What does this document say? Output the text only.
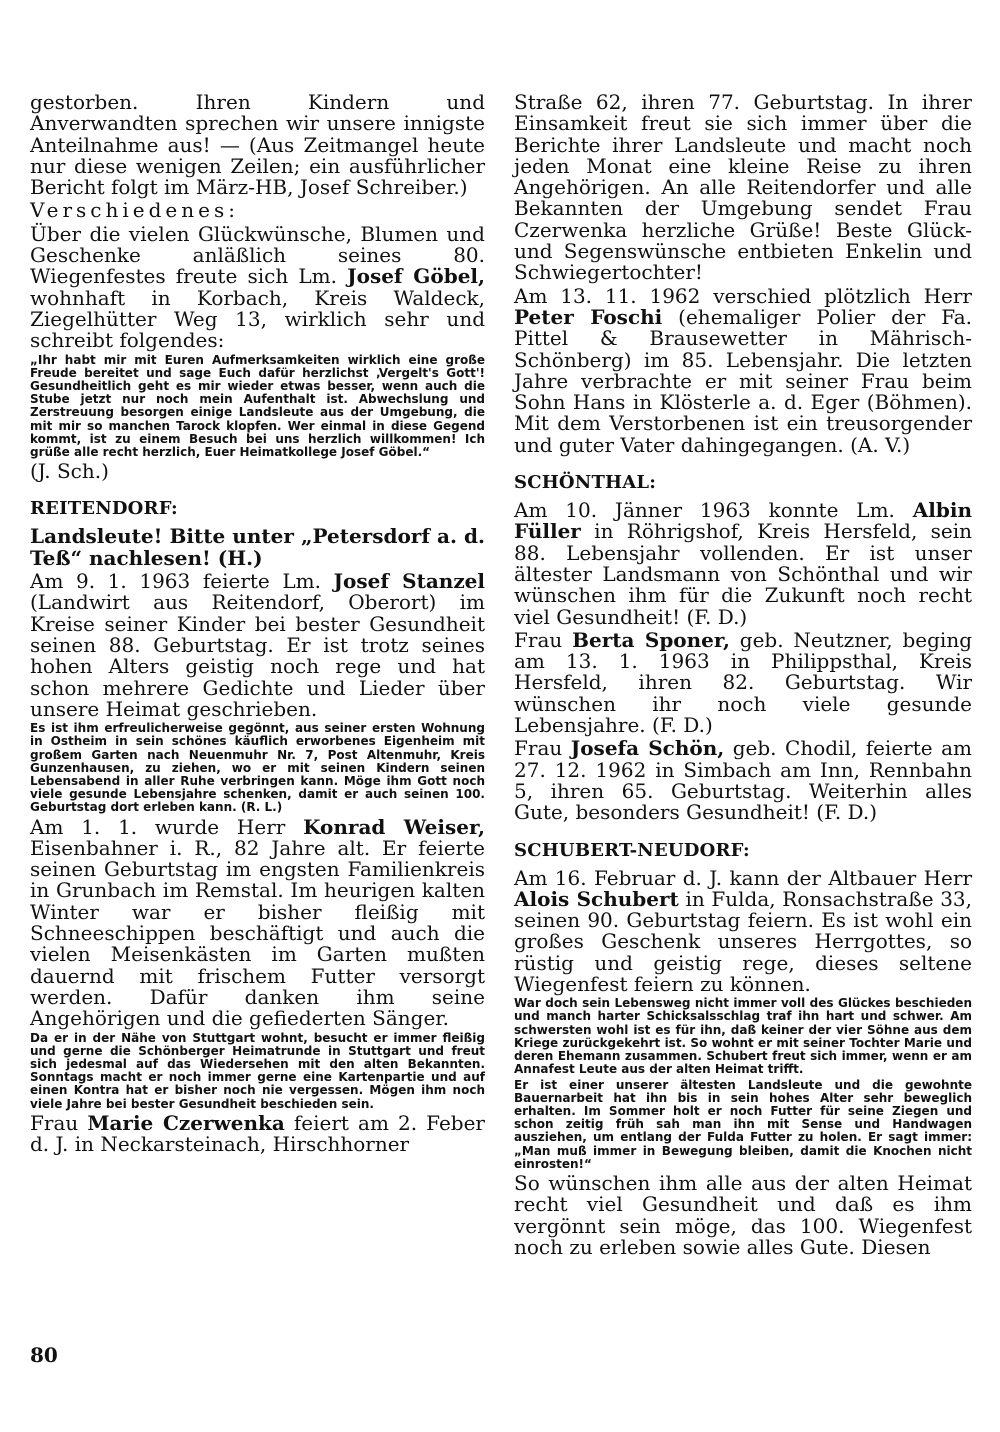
gestorben. Ihren Kindern und Anverwandten sprechen wir unsere innigste Anteilnahme aus! — (Aus Zeitmangel heute nur diese wenigen Zeilen; ein ausführlicher Bericht folgt im März-HB, Josef Schreiber.)

Verschiedenes:

Über die vielen Glückwünsche, Blumen und Geschenke anläßlich seines 80. Wiegenfestes freute sich Lm. Josef Göbel, wohnhaft in Korbach, Kreis Waldeck, Ziegelhütter Weg 13, wirklich sehr und schreibt folgendes:

„Ihr habt mir mit Euren Aufmerksamkeiten wirklich eine große Freude bereitet und sage Euch dafür herzlichst ‚Vergelt's Gott'! Gesundheitlich geht es mir wieder etwas besser, wenn auch die Stube jetzt nur noch mein Aufenthalt ist. Abwechslung und Zerstreuung besorgen einige Landsleute aus der Umgebung, die mit mir so manchen Tarock klopfen. Wer einmal in diese Gegend kommt, ist zu einem Besuch bei uns herzlich willkommen! Ich grüße alle recht herzlich, Euer Heimatkollege Josef Göbel.“

(J. Sch.)

REITENDORF:

Landsleute! Bitte unter „Petersdorf a. d. Teß“ nachlesen! (H.)

Am 9. 1. 1963 feierte Lm. Josef Stanzel (Landwirt aus Reitendorf, Oberort) im Kreise seiner Kinder bei bester Gesundheit seinen 88. Geburtstag. Er ist trotz seines hohen Alters geistig noch rege und hat schon mehrere Gedichte und Lieder über unsere Heimat geschrieben.

Es ist ihm erfreulicherweise gegönnt, aus seiner ersten Wohnung in Ostheim in sein schönes käuflich erworbenes Eigenheim mit großem Garten nach Neuenmuhr Nr. 7, Post Altenmuhr, Kreis Gunzenhausen, zu ziehen, wo er mit seinen Kindern seinen Lebensabend in aller Ruhe verbringen kann. Möge ihm Gott noch viele gesunde Lebensjahre schenken, damit er auch seinen 100. Geburtstag dort erleben kann. (R. L.)

Am 1. 1. wurde Herr Konrad Weiser, Eisenbahner i. R., 82 Jahre alt. Er feierte seinen Geburtstag im engsten Familienkreis in Grunbach im Remstal. Im heurigen kalten Winter war er bisher fleißig mit Schneeschippen beschäftigt und auch die vielen Meisenkästen im Garten mußten dauernd mit frischem Futter versorgt werden. Dafür danken ihm seine Angehörigen und die gefiederten Sänger.

Da er in der Nähe von Stuttgart wohnt, besucht er immer fleißig und gerne die Schönberger Heimatrunde in Stuttgart und freut sich jedesmal auf das Wiedersehen mit den alten Bekannten. Sonntags macht er noch immer gerne eine Kartenpartie und auf einen Kontra hat er bisher noch nie vergessen. Mögen ihm noch viele Jahre bei bester Gesundheit beschieden sein.

Frau Marie Czerwenka feiert am 2. Feber d. J. in Neckarsteinach, Hirschhorner

Straße 62, ihren 77. Geburtstag. In ihrer Einsamkeit freut sie sich immer über die Berichte ihrer Landsleute und macht noch jeden Monat eine kleine Reise zu ihren Angehörigen. An alle Reitendorfer und alle Bekannten der Umgebung sendet Frau Czerwenka herzliche Grüße! Beste Glück- und Segenswünsche entbieten Enkelin und Schwiegertochter!

Am 13. 11. 1962 verschied plötzlich Herr Peter Foschi (ehemaliger Polier der Fa. Pittel & Brausewetter in Mährisch-Schönberg) im 85. Lebensjahr. Die letzten Jahre verbrachte er mit seiner Frau beim Sohn Hans in Klösterle a. d. Eger (Böhmen). Mit dem Verstorbenen ist ein treusorgender und guter Vater dahingegangen. (A. V.)

SCHÖNTHAL:

Am 10. Jänner 1963 konnte Lm. Albin Füller in Röhrigshof, Kreis Hersfeld, sein 88. Lebensjahr vollenden. Er ist unser ältester Landsmann von Schönthal und wir wünschen ihm für die Zukunft noch recht viel Gesundheit! (F. D.)

Frau Berta Sponer, geb. Neutzner, beging am 13. 1. 1963 in Philippsthal, Kreis Hersfeld, ihren 82. Geburtstag. Wir wünschen ihr noch viele gesunde Lebensjahre. (F. D.)

Frau Josefa Schön, geb. Chodil, feierte am 27. 12. 1962 in Simbach am Inn, Rennbahn 5, ihren 65. Geburtstag. Weiterhin alles Gute, besonders Gesundheit! (F. D.)

SCHUBERT-NEUDORF:

Am 16. Februar d. J. kann der Altbauer Herr Alois Schubert in Fulda, Ronsachstraße 33, seinen 90. Geburtstag feiern. Es ist wohl ein großes Geschenk unseres Herrgottes, so rüstig und geistig rege, dieses seltene Wiegenfest feiern zu können.

War doch sein Lebensweg nicht immer voll des Glückes beschieden und manch harter Schicksalsschlag traf ihn hart und schwer. Am schwersten wohl ist es für ihn, daß keiner der vier Söhne aus dem Kriege zurückgekehrt ist. So wohnt er mit seiner Tochter Marie und deren Ehemann zusammen. Schubert freut sich immer, wenn er am Annafest Leute aus der alten Heimat trifft.

Er ist einer unserer ältesten Landsleute und die gewohnte Bauernarbeit hat ihn bis in sein hohes Alter sehr beweglich erhalten. Im Sommer holt er noch Futter für seine Ziegen und schon zeitig früh sah man ihn mit Sense und Handwagen ausziehen, um entlang der Fulda Futter zu holen. Er sagt immer: „Man muß immer in Bewegung bleiben, damit die Knochen nicht einrosten!“

So wünschen ihm alle aus der alten Heimat recht viel Gesundheit und daß es ihm vergönnt sein möge, das 100. Wiegenfest noch zu erleben sowie alles Gute. Diesen

80
